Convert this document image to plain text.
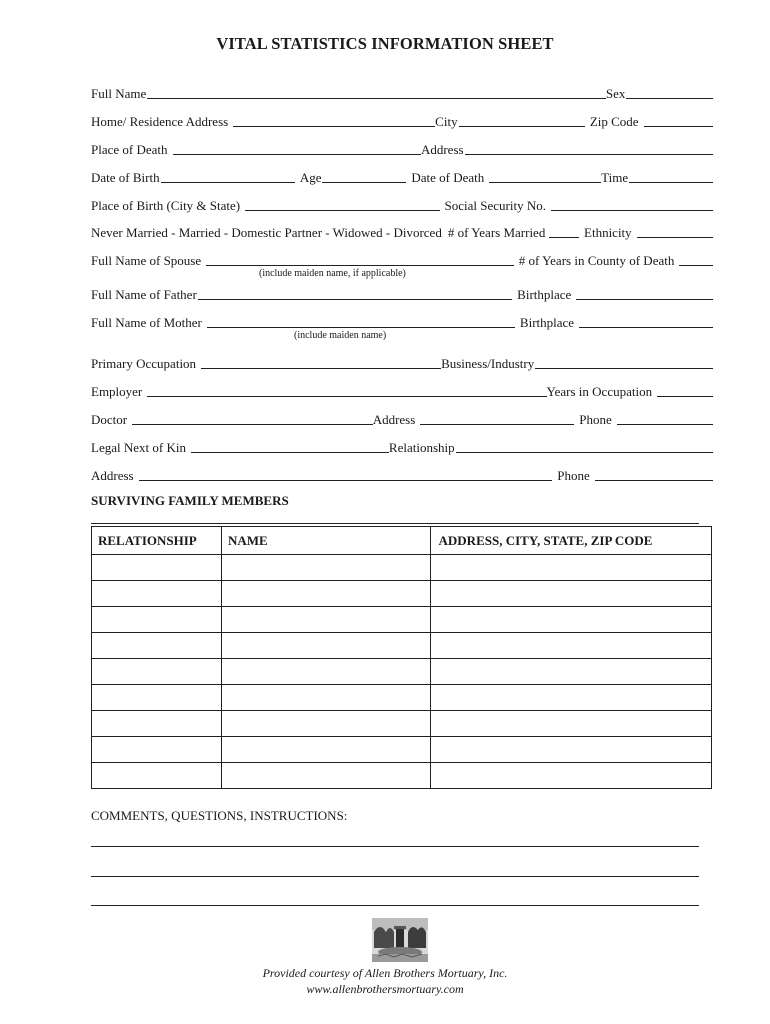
VITAL STATISTICS INFORMATION SHEET
Full Name	Sex
Home/ Residence Address	City	Zip Code
Place of Death	Address
Date of Birth	Age	Date of Death	Time
Place of Birth (City & State)	Social Security No.
Never Married - Married - Domestic Partner - Widowed - Divorced # of Years Married	Ethnicity
Full Name of Spouse	# of Years in County of Death
(include maiden name, if applicable)
Full Name of Father	Birthplace
Full Name of Mother	Birthplace
(include maiden name)
Primary Occupation	Business/Industry
Employer	Years in Occupation
Doctor	Address	Phone
Legal Next of Kin	Relationship
Address	Phone
SURVIVING FAMILY MEMBERS
RELATIONSHIP	NAME	ADDRESS, CITY, STATE, ZIP CODE

COMMENTS, QUESTIONS, INSTRUCTIONS:
Provided courtesy of Allen Brothers Mortuary, Inc.
www.allenbrothersmortuary.com
